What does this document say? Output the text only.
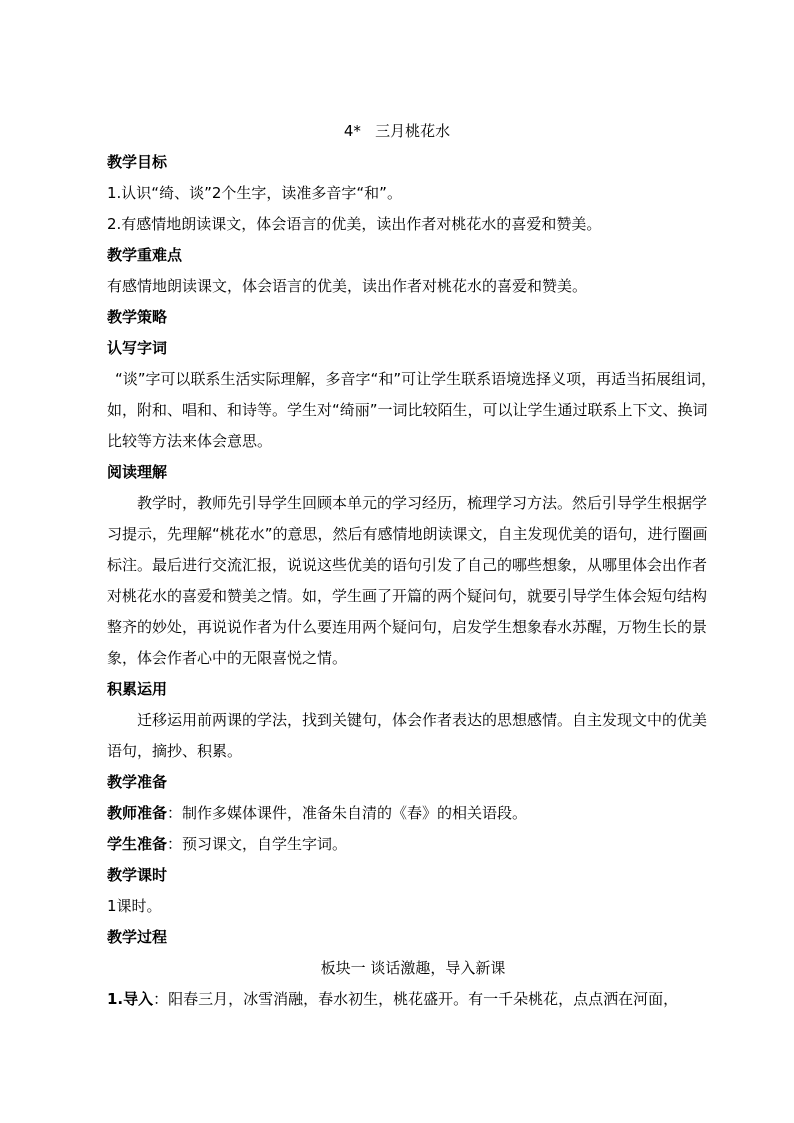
4*   三月桃花水

教学目标

1.认识“绮、谈”2个生字，读准多音字“和”。

2.有感情地朗读课文，体会语言的优美，读出作者对桃花水的喜爱和赞美。

教学重难点

有感情地朗读课文，体会语言的优美，读出作者对桃花水的喜爱和赞美。

教学策略

认写字词

“谈”字可以联系生活实际理解，多音字“和”可让学生联系语境选择义项，再适当拓展组词，如，附和、唱和、和诗等。学生对“绮丽”一词比较陌生，可以让学生通过联系上下文、换词比较等方法来体会意思。

阅读理解

教学时，教师先引导学生回顾本单元的学习经历，梳理学习方法。然后引导学生根据学习提示，先理解“桃花水”的意思，然后有感情地朗读课文，自主发现优美的语句，进行圈画标注。最后进行交流汇报，说说这些优美的语句引发了自己的哪些想象，从哪里体会出作者对桃花水的喜爱和赞美之情。如，学生画了开篇的两个疑问句，就要引导学生体会短句结构整齐的妙处，再说说作者为什么要连用两个疑问句，启发学生想象春水苏醒，万物生长的景象，体会作者心中的无限喜悦之情。

积累运用

迁移运用前两课的学法，找到关键句，体会作者表达的思想感情。自主发现文中的优美语句，摘抄、积累。

教学准备

教师准备：制作多媒体课件，准备朱自清的《春》的相关语段。

学生准备：预习课文，自学生字词。

教学课时

1课时。

教学过程

板块一 谈话激趣，导入新课

1.导入：阳春三月，冰雪消融，春水初生，桃花盛开。有一千朵桃花，点点洒在河面，
